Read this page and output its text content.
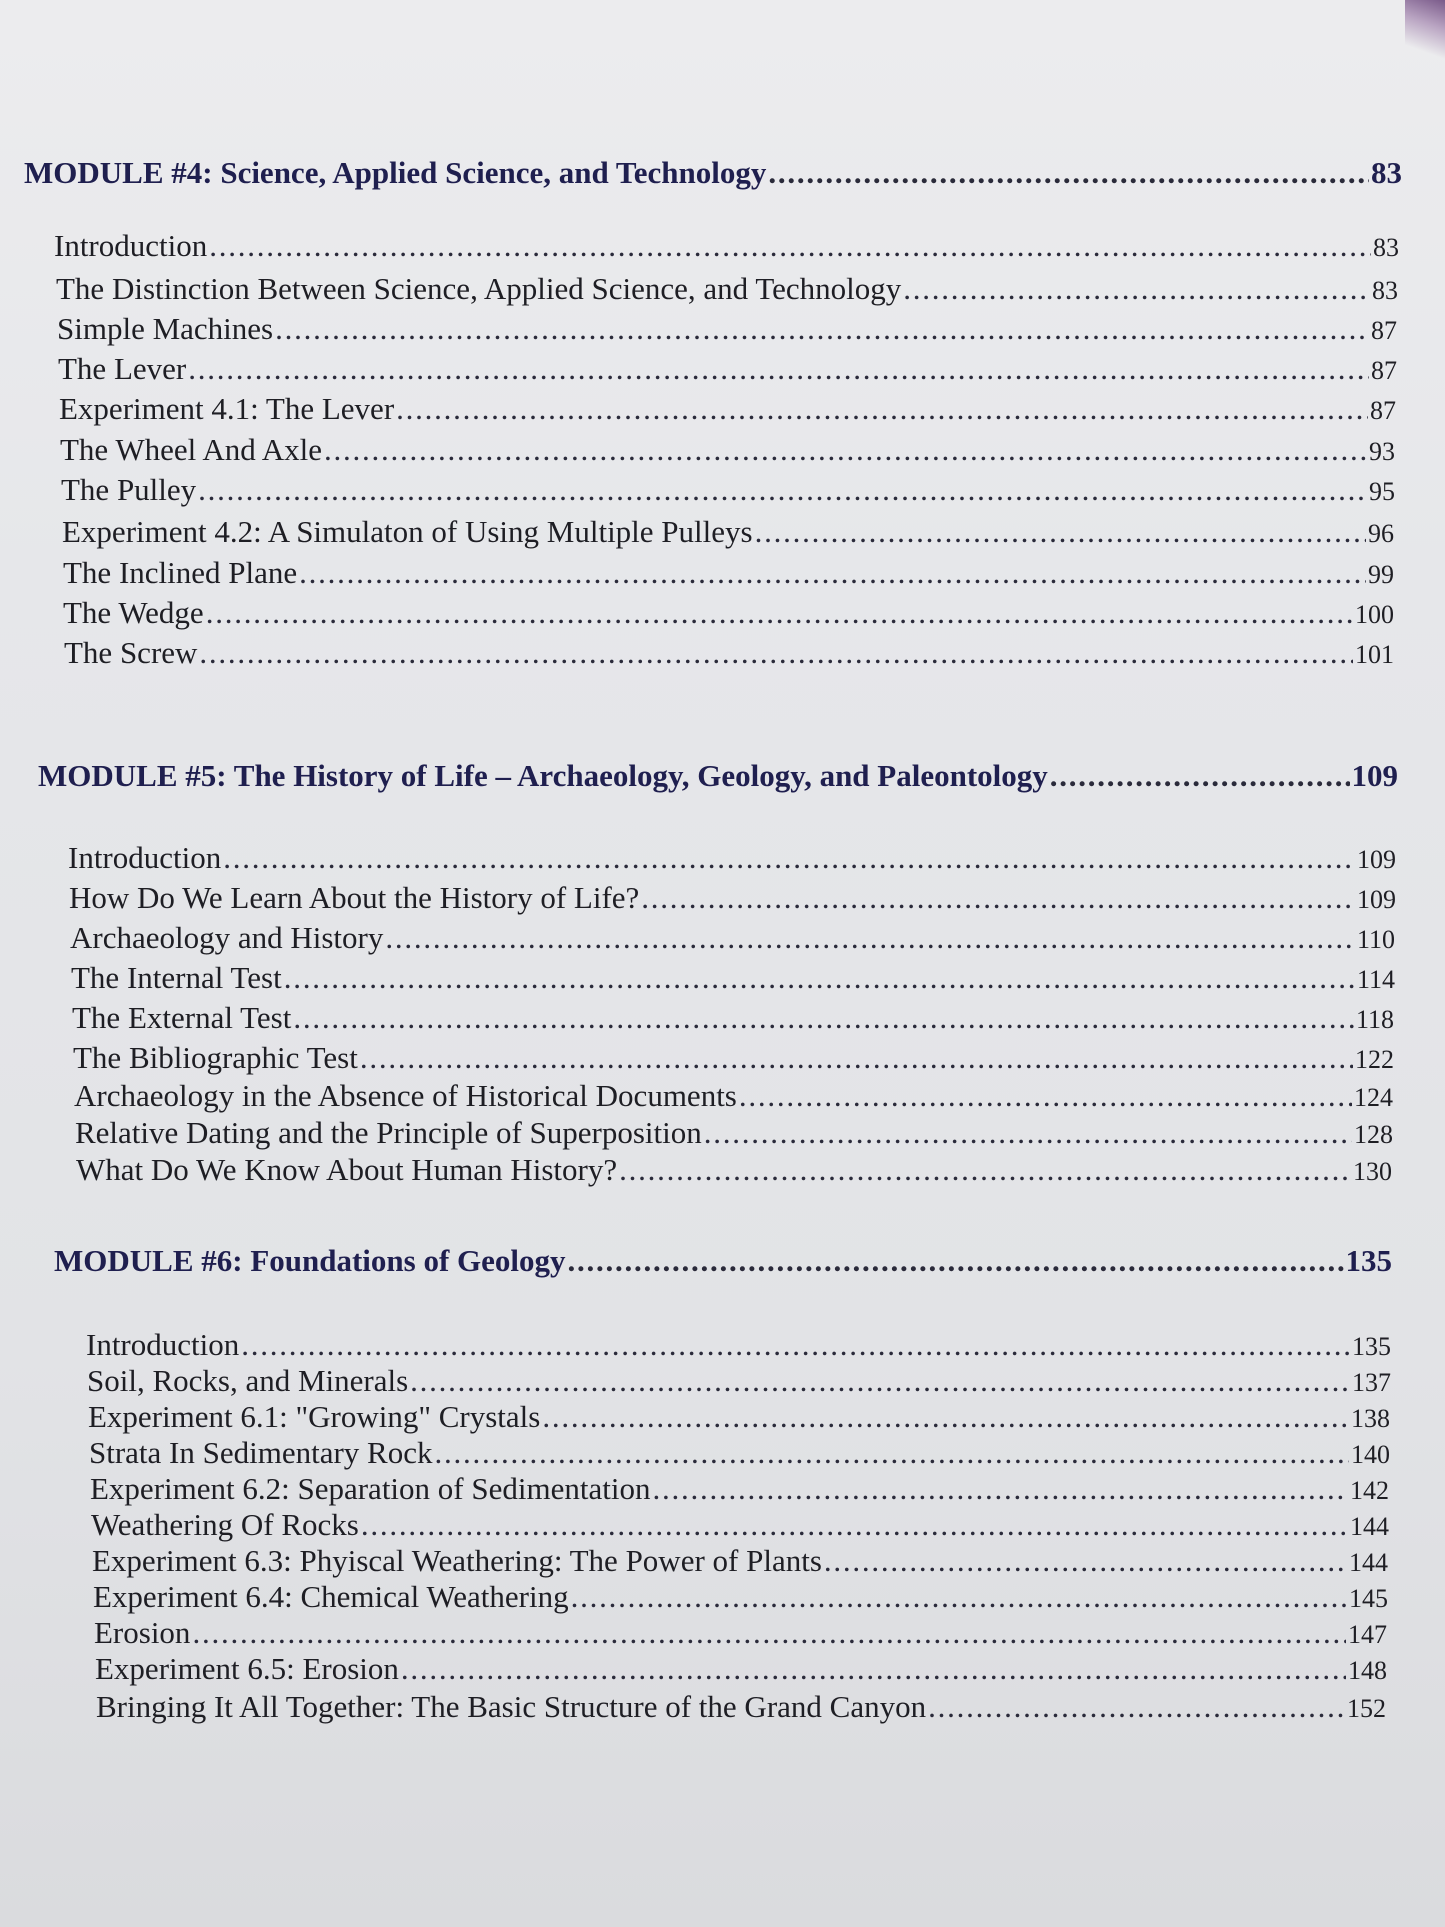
MODULE #4: Science, Applied Science, and Technology . . .	83
Introduction . . .	83
The Distinction Between Science, Applied Science, and Technology . . .	83
Simple Machines . . .	87
The Lever . . .	87
Experiment 4.1: The Lever . . .	87
The Wheel And Axle . . .	93
The Pulley . . .	95
Experiment 4.2: A Simulaton of Using Multiple Pulleys . . .	96
The Inclined Plane . . .	99
The Wedge . . .	100
The Screw . . .	101
MODULE #5: The History of Life – Archaeology, Geology, and Paleontology . . .	109
Introduction . . .	109
How Do We Learn About the History of Life? . . .	109
Archaeology and History . . .	110
The Internal Test . . .	114
The External Test . . .	118
The Bibliographic Test . . .	122
Archaeology in the Absence of Historical Documents . . .	124
Relative Dating and the Principle of Superposition . . .	128
What Do We Know About Human History? . . .	130
MODULE #6: Foundations of Geology . . .	135
Introduction . . .	135
Soil, Rocks, and Minerals . . .	137
Experiment 6.1: "Growing" Crystals . . .	138
Strata In Sedimentary Rock . . .	140
Experiment 6.2: Separation of Sedimentation . . .	142
Weathering Of Rocks . . .	144
Experiment 6.3: Phyiscal Weathering: The Power of Plants . . .	144
Experiment 6.4: Chemical Weathering . . .	145
Erosion . . .	147
Experiment 6.5: Erosion . . .	148
Bringing It All Together: The Basic Structure of the Grand Canyon . . .	152
